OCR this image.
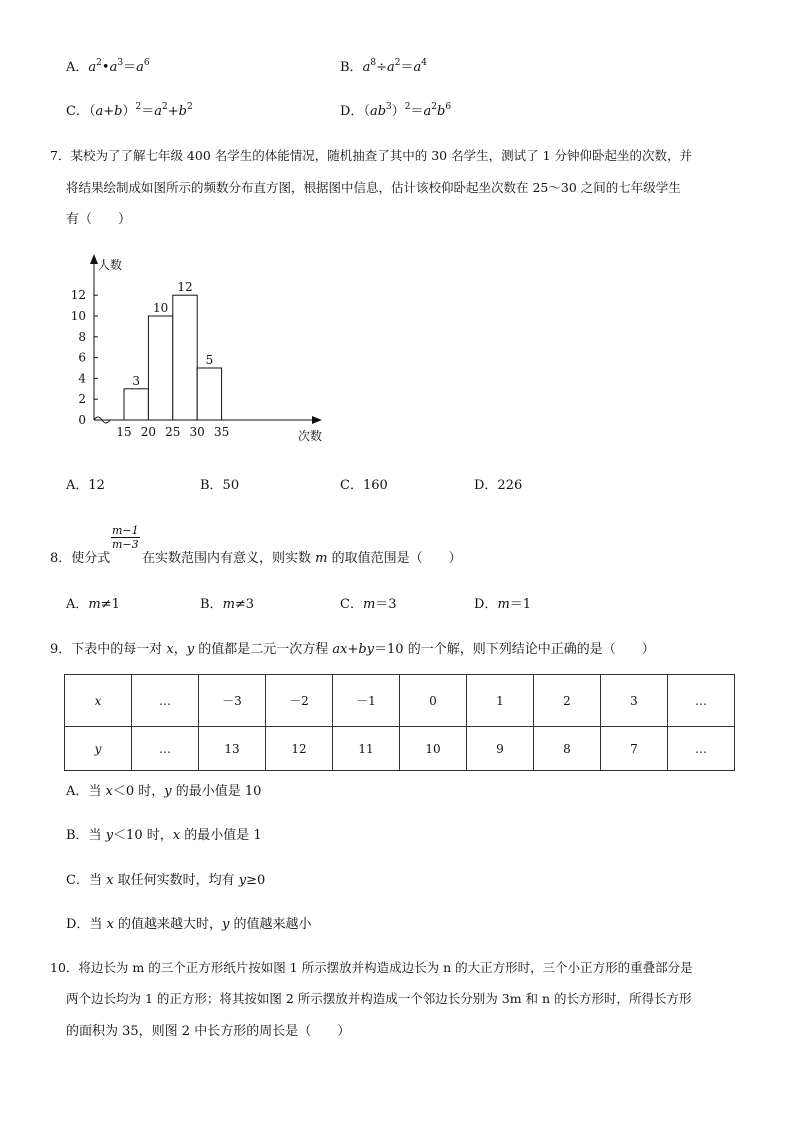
A．$a^2•a^3=a^6$	B．$a^8\div a^2=a^4$
C．$(a+b)^2=a^2+b^2$	D．$(ab^3)^2=a^2b^6$
7．某校为了了解七年级 400 名学生的体能情况，随机抽查了其中的 30 名学生，测试了 1 分钟仰卧起坐的次数，并
将结果绘制成如图所示的频数分布直方图，根据图中信息，估计该校仰卧起坐次数在 25～30 之间的七年级学生
有（　　）
0
2
4
6
8
10
12
15 20 25 30 35
3
10
12
5
人数
次数
A．12	B．50	C．160	D．226
$\frac{m-1}{m-3}$
8．使分式 在实数范围内有意义，则实数 m 的取值范围是（　　）
A．m≠1	B．m≠3	C．m＝3	D．m＝1
9．下表中的每一对 x，y 的值都是二元一次方程 ax+by＝10 的一个解，则下列结论中正确的是（　　）
x	…	－3	－2	－1	0	1	2	3	…
y	…	13	12	11	10	9	8	7	…
A．当 x＜0 时，y 的最小值是 10
B．当 y＜10 时，x 的最小值是 1
C．当 x 取任何实数时，均有 y≥0
D．当 x 的值越来越大时，y 的值越来越小
10．将边长为 m 的三个正方形纸片按如图 1 所示摆放并构造成边长为 n 的大正方形时，三个小正方形的重叠部分是
两个边长均为 1 的正方形；将其按如图 2 所示摆放并构造成一个邻边长分别为 3m 和 n 的长方形时，所得长方形
的面积为 35，则图 2 中长方形的周长是（　　）
